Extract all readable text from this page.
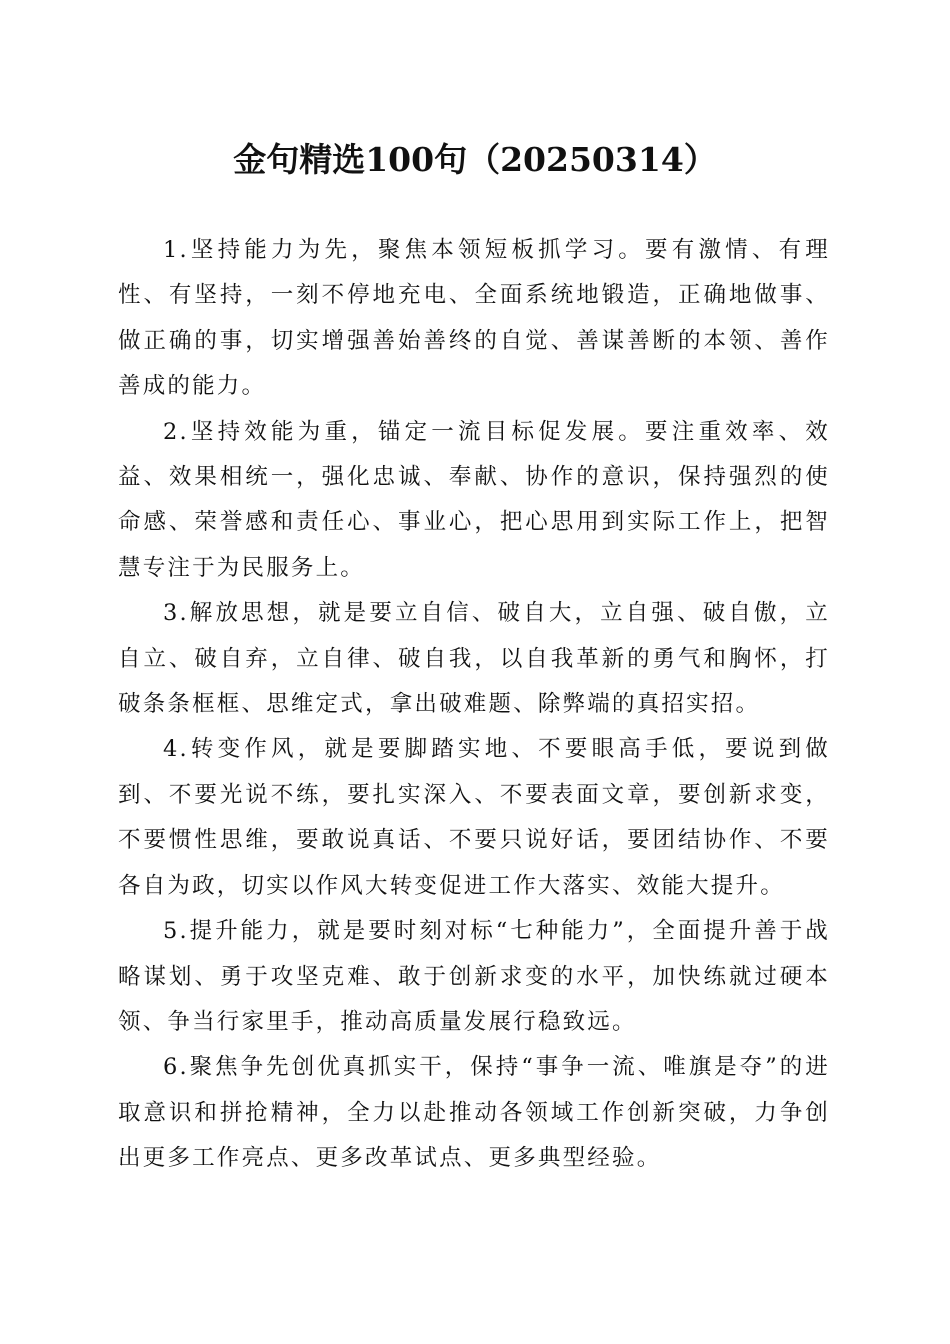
金句精选100句（20250314）

1.坚持能力为先，聚焦本领短板抓学习。要有激情、有理性、有坚持，一刻不停地充电、全面系统地锻造，正确地做事、做正确的事，切实增强善始善终的自觉、善谋善断的本领、善作善成的能力。

2.坚持效能为重，锚定一流目标促发展。要注重效率、效益、效果相统一，强化忠诚、奉献、协作的意识，保持强烈的使命感、荣誉感和责任心、事业心，把心思用到实际工作上，把智慧专注于为民服务上。

3.解放思想，就是要立自信、破自大，立自强、破自傲，立自立、破自弃，立自律、破自我，以自我革新的勇气和胸怀，打破条条框框、思维定式，拿出破难题、除弊端的真招实招。

4.转变作风，就是要脚踏实地、不要眼高手低，要说到做到、不要光说不练，要扎实深入、不要表面文章，要创新求变，不要惯性思维，要敢说真话、不要只说好话，要团结协作、不要各自为政，切实以作风大转变促进工作大落实、效能大提升。

5.提升能力，就是要时刻对标“七种能力”，全面提升善于战略谋划、勇于攻坚克难、敢于创新求变的水平，加快练就过硬本领、争当行家里手，推动高质量发展行稳致远。

6.聚焦争先创优真抓实干，保持“事争一流、唯旗是夺”的进取意识和拼抢精神，全力以赴推动各领域工作创新突破，力争创出更多工作亮点、更多改革试点、更多典型经验。
